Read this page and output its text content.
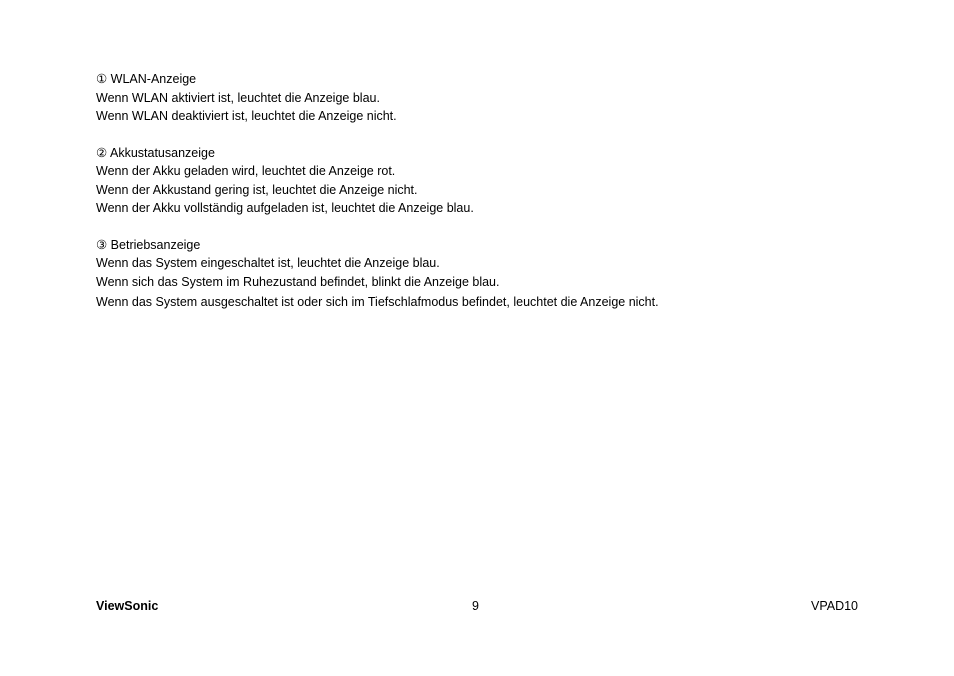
① WLAN-Anzeige
Wenn WLAN aktiviert ist, leuchtet die Anzeige blau.
Wenn WLAN deaktiviert ist, leuchtet die Anzeige nicht.
② Akkustatusanzeige
Wenn der Akku geladen wird, leuchtet die Anzeige rot.
Wenn der Akkustand gering ist, leuchtet die Anzeige nicht.
Wenn der Akku vollständig aufgeladen ist, leuchtet die Anzeige blau.
③ Betriebsanzeige
Wenn das System eingeschaltet ist, leuchtet die Anzeige blau.
Wenn sich das System im Ruhezustand befindet, blinkt die Anzeige blau.
Wenn das System ausgeschaltet ist oder sich im Tiefschlafmodus befindet, leuchtet die Anzeige nicht.
ViewSonic	9	VPAD10
